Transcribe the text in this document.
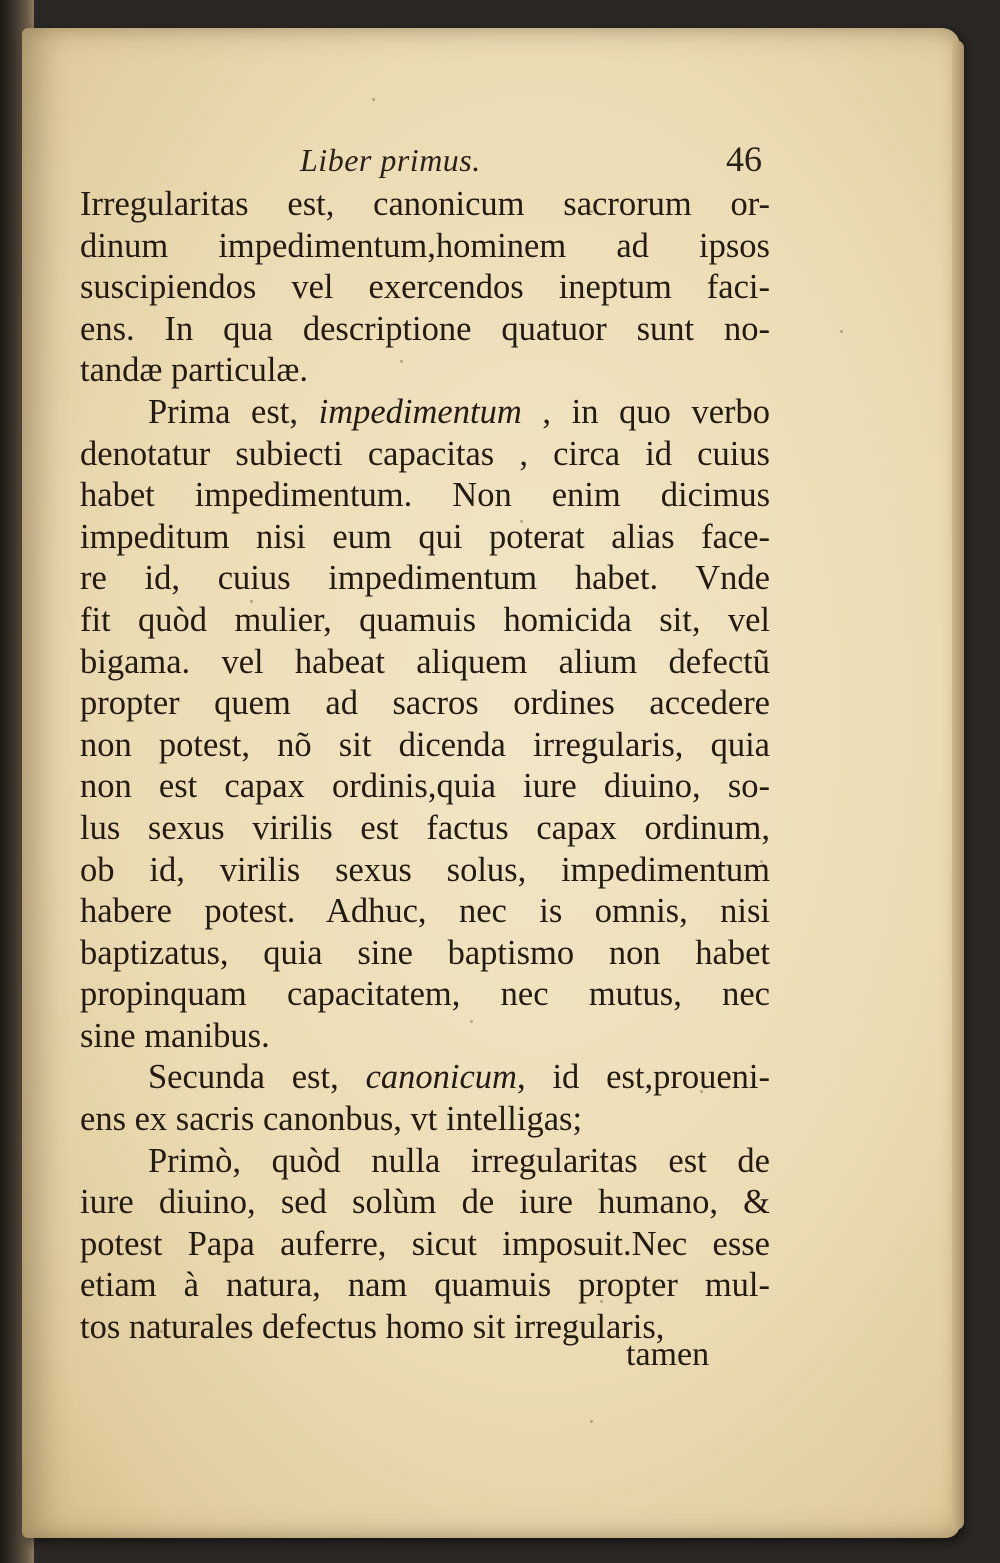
Liber primus.	46
Irregularitas est, canonicum sacrorum or-
dinum impedimentum,hominem ad ipsos
suscipiendos vel exercendos ineptum faci-
ens. In qua descriptione quatuor sunt no-
tandæ particulæ.
Prima est, impedimentum , in quo verbo
denotatur subiecti capacitas , circa id cuius
habet impedimentum. Non enim dicimus
impeditum nisi eum qui poterat alias face-
re id, cuius impedimentum habet. Vnde
fit quòd mulier, quamuis homicida sit, vel
bigama. vel habeat aliquem alium defectũ
propter quem ad sacros ordines accedere
non potest, nõ sit dicenda irregularis, quia
non est capax ordinis,quia iure diuino, so-
lus sexus virilis est factus capax ordinum,
ob id, virilis sexus solus, impedimentum
habere potest. Adhuc, nec is omnis, nisi
baptizatus, quia sine baptismo non habet
propinquam capacitatem, nec mutus, nec
sine manibus.
Secunda est, canonicum, id est,proueni-
ens ex sacris canonbus, vt intelligas;
Primò, quòd nulla irregularitas est de
iure diuino, sed solùm de iure humano, &
potest Papa auferre, sicut imposuit.Nec esse
etiam à natura, nam quamuis propter mul-
tos naturales defectus homo sit irregularis,
tamen
